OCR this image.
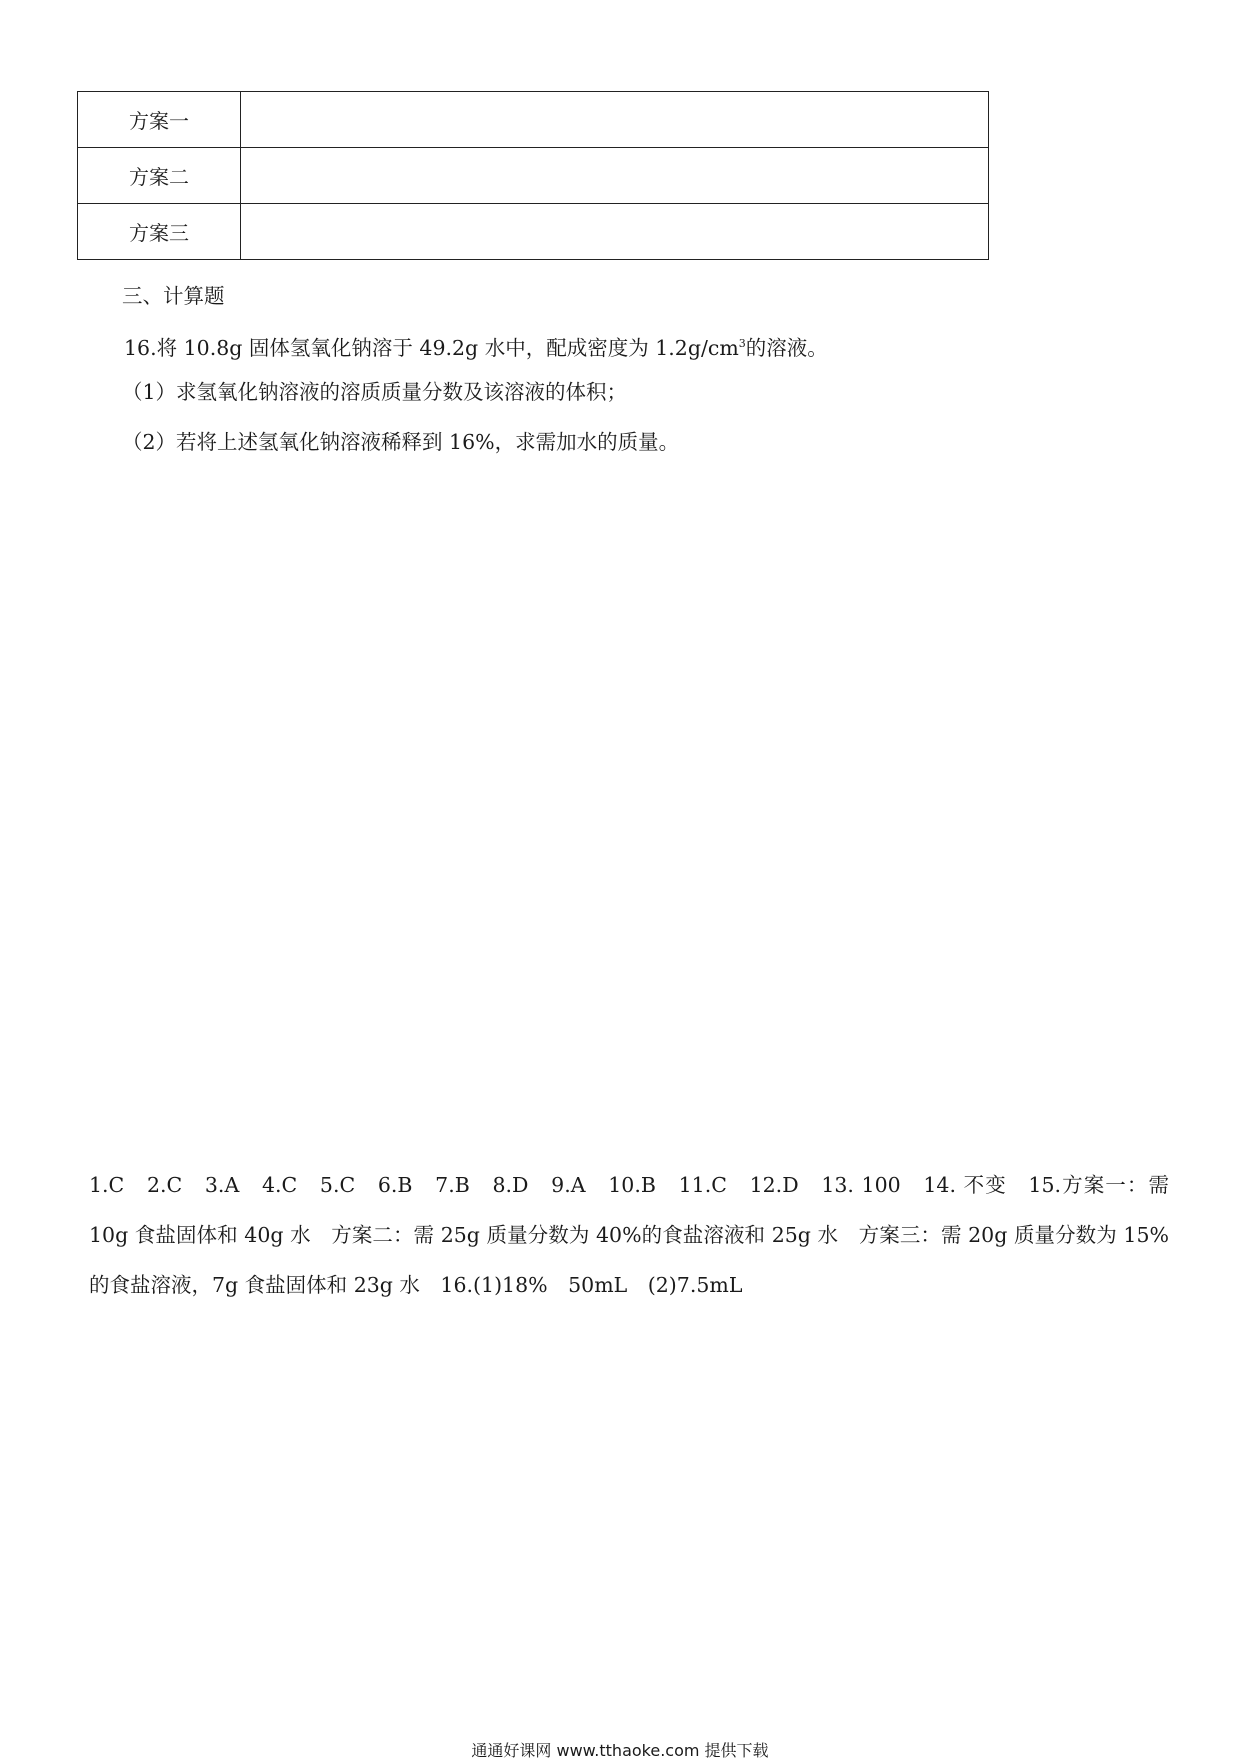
方案一	
方案二	
方案三	
三、计算题
16.将 10.8g 固体氢氧化钠溶于 49.2g 水中，配成密度为 $1.2g/cm^3$的溶液。
（1）求氢氧化钠溶液的溶质质量分数及该溶液的体积；
（2）若将上述氢氧化钠溶液稀释到 16%，求需加水的质量。
1.C　2.C　3.A　4.C　5.C　6.B　7.B　8.D　9.A　10.B　11.C　12.D　13. 100　14. 不变　15.方案一：需 10g 食盐固体和 40g 水　方案二：需 25g 质量分数为 40%的食盐溶液和 25g 水　方案三：需 20g 质量分数为 15%的食盐溶液，7g 食盐固体和 23g 水　16.(1)18%　50mL　(2)7.5mL
通通好课网 www.tthaoke.com 提供下载
